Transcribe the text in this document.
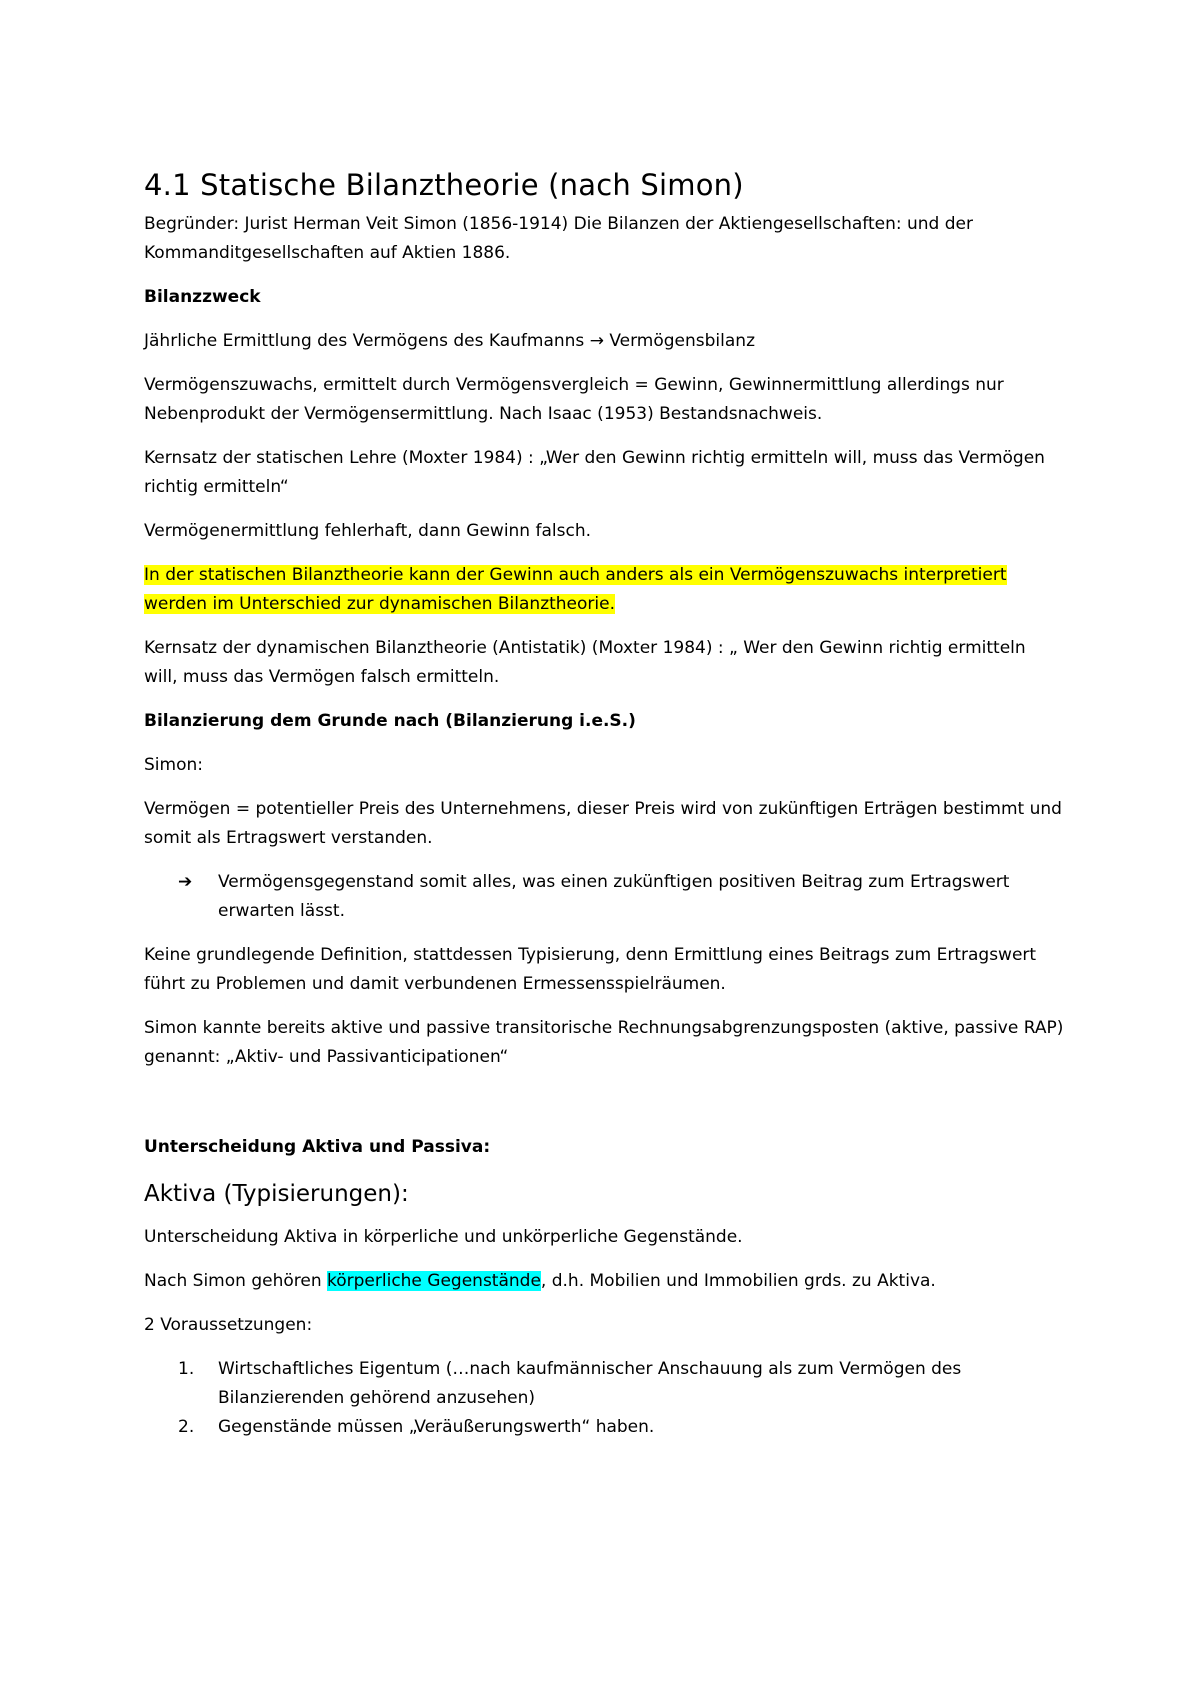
4.1 Statische Bilanztheorie (nach Simon)
Begründer: Jurist Herman Veit Simon (1856-1914) Die Bilanzen der Aktiengesellschaften: und der Kommanditgesellschaften auf Aktien 1886.
Bilanzzweck
Jährliche Ermittlung des Vermögens des Kaufmanns → Vermögensbilanz
Vermögenszuwachs, ermittelt durch Vermögensvergleich = Gewinn, Gewinnermittlung allerdings nur Nebenprodukt der Vermögensermittlung. Nach Isaac (1953) Bestandsnachweis.
Kernsatz der statischen Lehre (Moxter 1984) : „Wer den Gewinn richtig ermitteln will, muss das Vermögen richtig ermitteln“
Vermögenermittlung fehlerhaft, dann Gewinn falsch.
In der statischen Bilanztheorie kann der Gewinn auch anders als ein Vermögenszuwachs interpretiert werden im Unterschied zur dynamischen Bilanztheorie.
Kernsatz der dynamischen Bilanztheorie (Antistatik) (Moxter 1984) : „ Wer den Gewinn richtig ermitteln will, muss das Vermögen falsch ermitteln.
Bilanzierung dem Grunde nach (Bilanzierung i.e.S.)
Simon:
Vermögen = potentieller Preis des Unternehmens, dieser Preis wird von zukünftigen Erträgen bestimmt und somit als Ertragswert verstanden.
➔ Vermögensgegenstand somit alles, was einen zukünftigen positiven Beitrag zum Ertragswert erwarten lässt.
Keine grundlegende Definition, stattdessen Typisierung, denn Ermittlung eines Beitrags zum Ertragswert führt zu Problemen und damit verbundenen Ermessensspielräumen.
Simon kannte bereits aktive und passive transitorische Rechnungsabgrenzungsposten (aktive, passive RAP) genannt: „Aktiv- und Passivanticipationen“
Unterscheidung Aktiva und Passiva:
Aktiva (Typisierungen):
Unterscheidung Aktiva in körperliche und unkörperliche Gegenstände.
Nach Simon gehören körperliche Gegenstände, d.h. Mobilien und Immobilien grds. zu Aktiva.
2 Voraussetzungen:
1. Wirtschaftliches Eigentum (…nach kaufmännischer Anschauung als zum Vermögen des Bilanzierenden gehörend anzusehen)
2. Gegenstände müssen „Veräußerungswerth“ haben.
